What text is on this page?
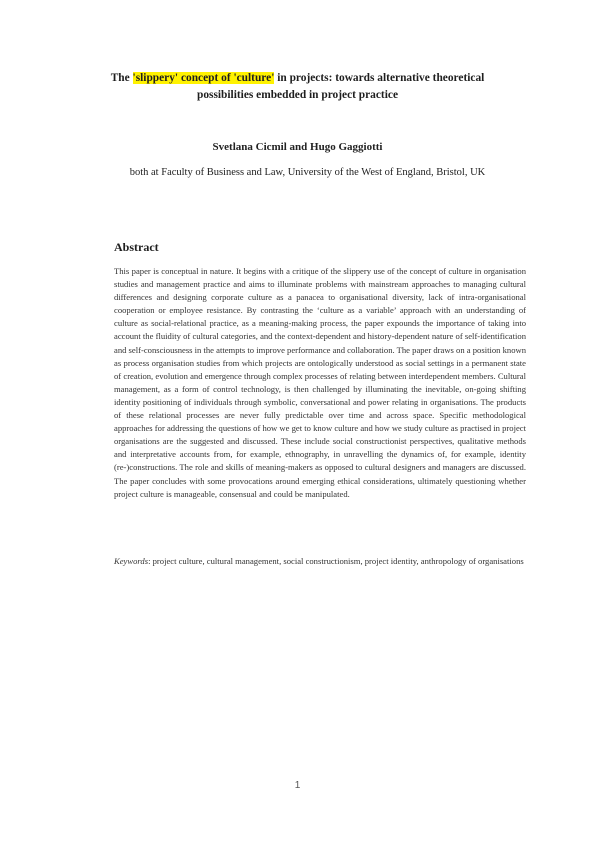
The 'slippery' concept of 'culture' in projects: towards alternative theoretical possibilities embedded in project practice
Svetlana Cicmil and Hugo Gaggiotti
both at Faculty of Business and Law, University of the West of England, Bristol, UK
Abstract
This paper is conceptual in nature. It begins with a critique of the slippery use of the concept of culture in organisation studies and management practice and aims to illuminate problems with mainstream approaches to managing cultural differences and designing corporate culture as a panacea to organisational diversity, lack of intra-organisational cooperation or employee resistance. By contrasting the ‘culture as a variable’ approach with an understanding of culture as social-relational practice, as a meaning-making process, the paper expounds the importance of taking into account the fluidity of cultural categories, and the context-dependent and history-dependent nature of self-identification and self-consciousness in the attempts to improve performance and collaboration. The paper draws on a position known as process organisation studies from which projects are ontologically understood as social settings in a permanent state of creation, evolution and emergence through complex processes of relating between interdependent members. Cultural management, as a form of control technology, is then challenged by illuminating the inevitable, on-going shifting identity positioning of individuals through symbolic, conversational and power relating in organisations. The products of these relational processes are never fully predictable over time and across space. Specific methodological approaches for addressing the questions of how we get to know culture and how we study culture as practised in project organisations are the suggested and discussed. These include social constructionist perspectives, qualitative methods and interpretative accounts from, for example, ethnography, in unravelling the dynamics of, for example, identity (re-)constructions. The role and skills of meaning-makers as opposed to cultural designers and managers are discussed. The paper concludes with some provocations around emerging ethical considerations, ultimately questioning whether project culture is manageable, consensual and could be manipulated.
Keywords: project culture, cultural management, social constructionism, project identity, anthropology of organisations
1
